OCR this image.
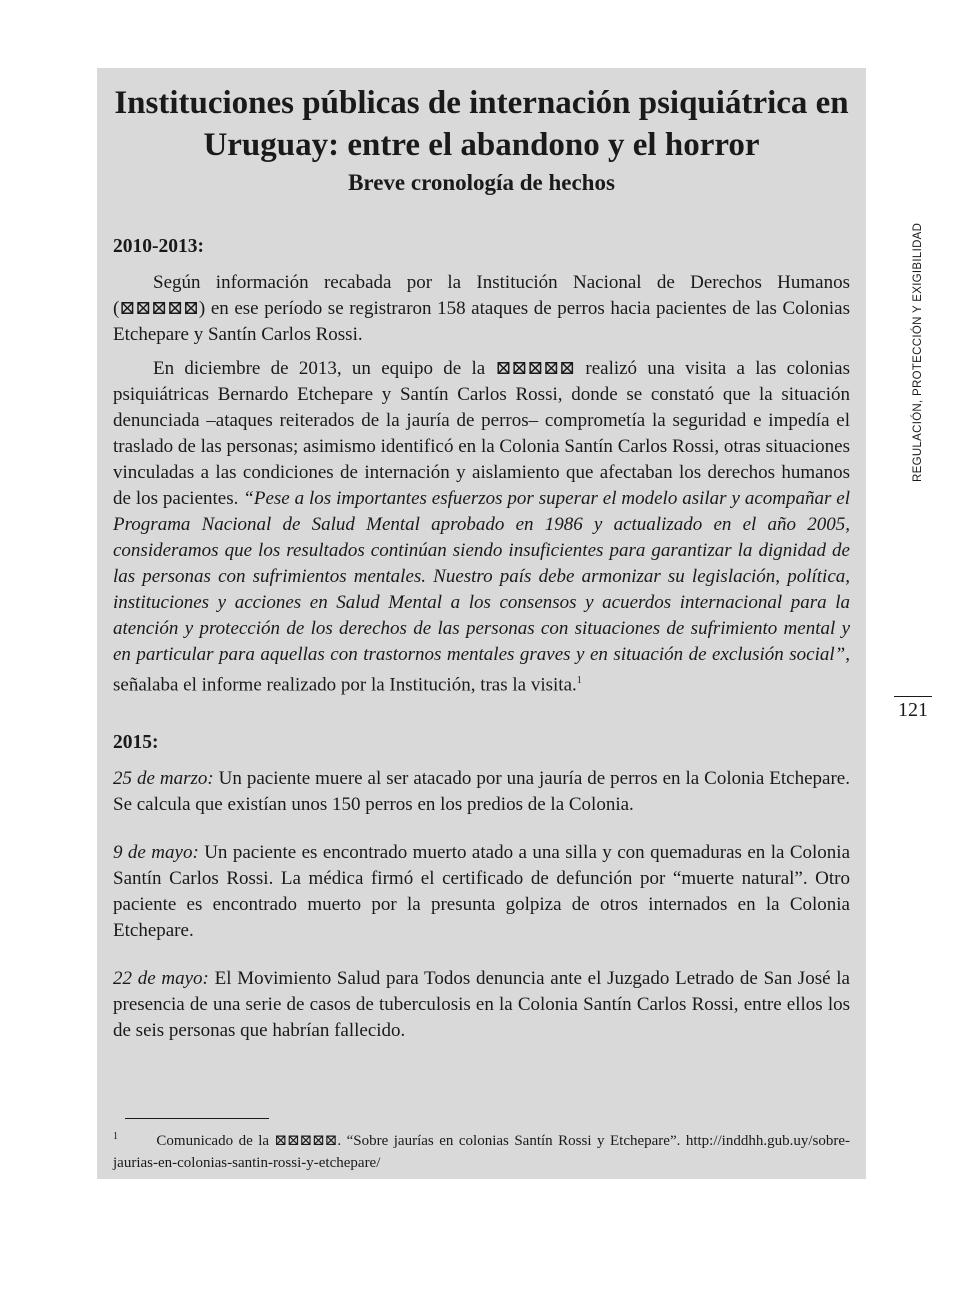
Instituciones públicas de internación psiquiátrica en Uruguay: entre el abandono y el horror
Breve cronología de hechos

2010-2013:

Según información recabada por la Institución Nacional de Derechos Humanos (⊠⊠⊠⊠⊠) en ese período se registraron 158 ataques de perros hacia pacientes de las Colonias Etchepare y Santín Carlos Rossi.

En diciembre de 2013, un equipo de la ⊠⊠⊠⊠⊠ realizó una visita a las colonias psiquiátricas Bernardo Etchepare y Santín Carlos Rossi, donde se constató que la situación denunciada –ataques reiterados de la jauría de perros– comprometía la seguridad e impedía el traslado de las personas; asimismo identificó en la Colonia Santín Carlos Rossi, otras situaciones vinculadas a las condiciones de internación y aislamiento que afectaban los derechos humanos de los pacientes. “Pese a los importantes esfuerzos por superar el modelo asilar y acompañar el Programa Nacional de Salud Mental aprobado en 1986 y actualizado en el año 2005, consideramos que los resultados continúan siendo insuficientes para garantizar la dignidad de las personas con sufrimientos mentales. Nuestro país debe armonizar su legislación, política, instituciones y acciones en Salud Mental a los consensos y acuerdos internacional para la atención y protección de los derechos de las personas con situaciones de sufrimiento mental y en particular para aquellas con trastornos mentales graves y en situación de exclusión social”, señalaba el informe realizado por la Institución, tras la visita.$^1$

2015:

25 de marzo: Un paciente muere al ser atacado por una jauría de perros en la Colonia Etchepare. Se calcula que existían unos 150 perros en los predios de la Colonia.

9 de mayo: Un paciente es encontrado muerto atado a una silla y con quemaduras en la Colonia Santín Carlos Rossi. La médica firmó el certificado de defunción por “muerte natural”. Otro paciente es encontrado muerto por la presunta golpiza de otros internados en la Colonia Etchepare.

22 de mayo: El Movimiento Salud para Todos denuncia ante el Juzgado Letrado de San José la presencia de una serie de casos de tuberculosis en la Colonia Santín Carlos Rossi, entre ellos los de seis personas que habrían fallecido.

$^1$	Comunicado de la ⊠⊠⊠⊠⊠. “Sobre jaurías en colonias Santín Rossi y Etchepare”. http://inddhh.gub.uy/sobre-jaurias-en-colonias-santin-rossi-y-etchepare/
REGULACIÓN, PROTECCIÓN Y EXIGIBILIDAD
121
